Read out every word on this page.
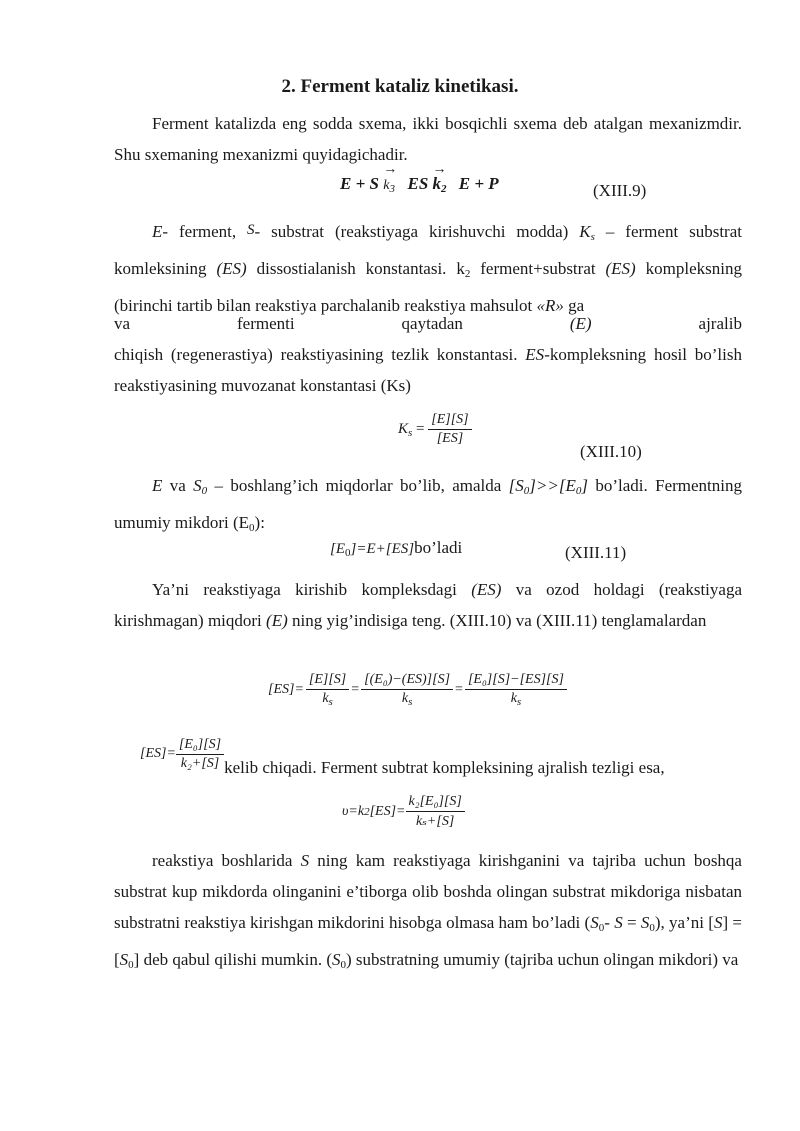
2. Ferment kataliz kinetikasi.
Ferment katalizda eng sodda sxema, ikki bosqichli sxema deb atalgan mexanizmdir. Shu sxemaning mexanizmi quyidagichadir.
E + S
→
$k_3$ ES
→
$k_2$ E + P	(XIII.9)
E- ferment, S- substrat (reakstiyaga kirishuvchi modda) $K_s$ – ferment substrat komleksining (ES) dissostialanish konstantasi. $k_2$ ferment+substrat (ES) kompleksning (birinchi tartib bilan reakstiya parchalanib reakstiya mahsulot «R» ga
va	fermenti	qaytadan	(E)	ajralib
chiqish (regenerastiya) reakstiyasining tezlik konstantasi. ES-kompleksning hosil bo’lish reakstiyasining muvozanat konstantasi (Ks)
$K_s = \frac{[E][S]}{[ES]}$
(XIII.10)
E va $S_0$ – boshlang’ich miqdorlar bo’lib, amalda $[S_0]>>[E_0]$ bo’ladi. Fermentning umumiy mikdori $(E_0)$:
$[E_0]=E+[ES]bo’ladi$	(XIII.11)
Ya’ni reakstiyaga kirishib kompleksdagi (ES) va ozod holdagi (reakstiyaga kirishmagan) miqdori (E) ning yig’indisiga teng. (XIII.10) va (XIII.11) tenglamalardan
$[ES]= \frac{[E][S]}{k_s} = \frac{\text{[(E₀)−(ES)][S]}}{k_s} = \frac{\text{[E₀][S]−[ES][S]}}{k_s}$
$[ES]= \frac{\text{[E₀][S]}}{\text{k₂+[S]}}$ kelib chiqadi. Ferment subtrat kompleksining ajralish tezligi esa,
υ=k 2 $[ES]= \frac{\text{k₂[E₀][S]}}{\text{kₛ+[S]}}$
reakstiya boshlarida S ning kam reakstiyaga kirishganini va tajriba uchun boshqa substrat kup mikdorda olinganini e’tiborga olib boshda olingan substrat mikdoriga nisbatan substratni reakstiya kirishgan mikdorini hisobga olmasa ham bo’ladi ($S_0-$ $S = S_0$), ya’ni $[S] = [S_0]$ deb qabul qilishi mumkin. $(S_0)$ substratning umumiy (tajriba uchun olingan mikdori) va
